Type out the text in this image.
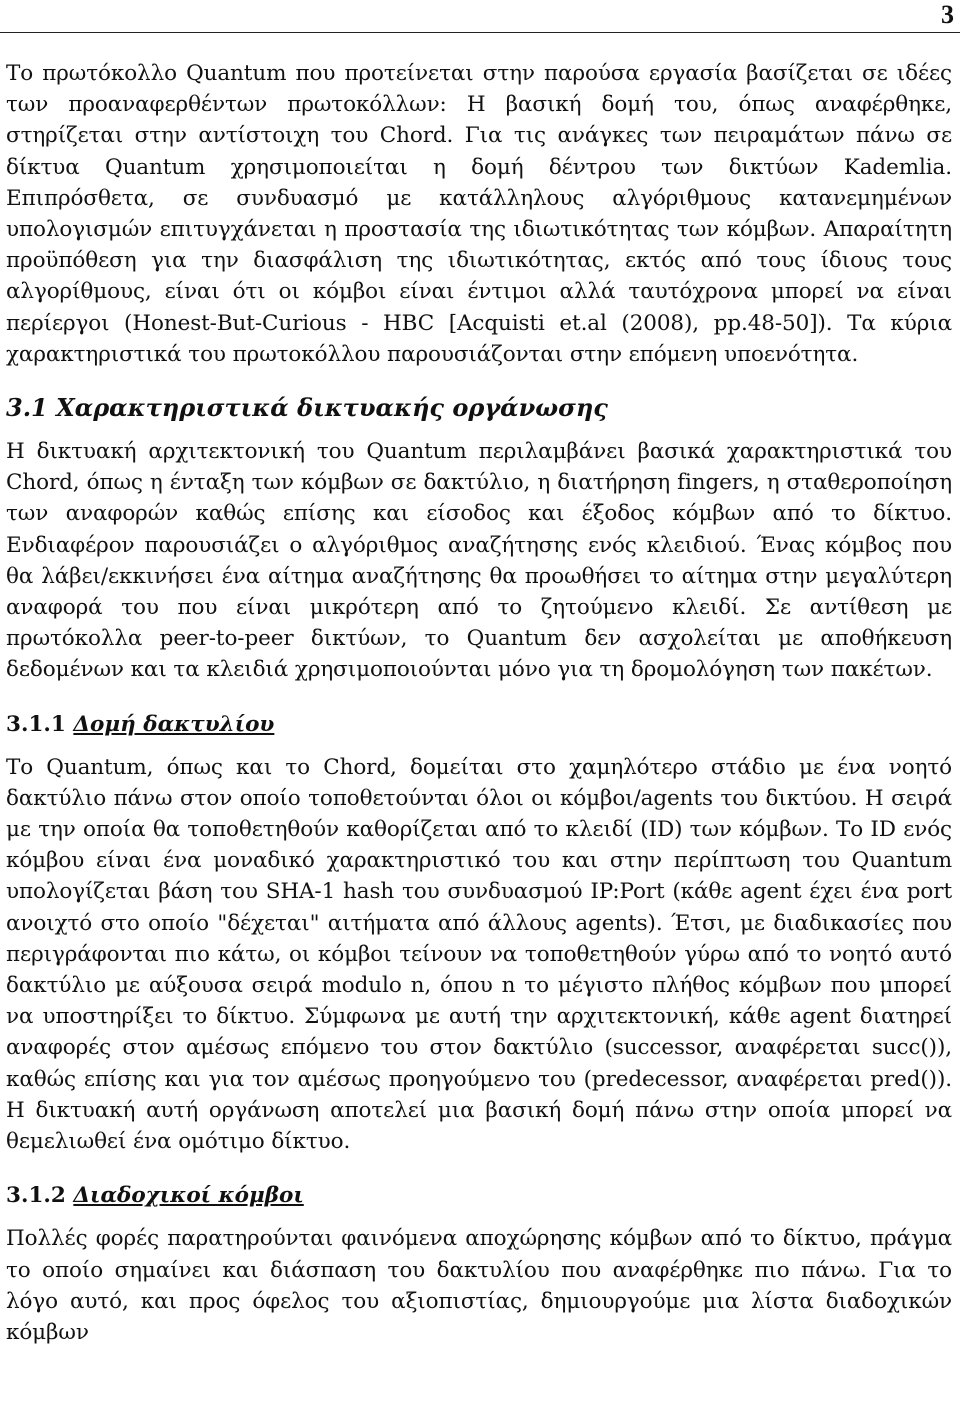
3

Το πρωτόκολλο Quantum που προτείνεται στην παρούσα εργασία βασίζεται σε ιδέες των προαναφερθέντων πρωτοκόλλων: Η βασική δομή του, όπως αναφέρθηκε, στηρίζεται στην αντίστοιχη του Chord. Για τις ανάγκες των πειραμάτων πάνω σε δίκτυα Quantum χρησιμοποιείται η δομή δέντρου των δικτύων Kademlia. Επιπρόσθετα, σε συνδυασμό με κατάλληλους αλγόριθμους κατανεμημένων υπολογισμών επιτυγχάνεται η προστασία της ιδιωτικότητας των κόμβων. Απαραίτητη προϋπόθεση για την διασφάλιση της ιδιωτικότητας, εκτός από τους ίδιους τους αλγορίθμους, είναι ότι οι κόμβοι είναι έντιμοι αλλά ταυτόχρονα μπορεί να είναι περίεργοι (Honest-But-Curious - HBC [Acquisti et.al (2008), pp.48-50]). Τα κύρια χαρακτηριστικά του πρωτοκόλλου παρουσιάζονται στην επόμενη υποενότητα.

3.1 Χαρακτηριστικά δικτυακής οργάνωσης

Η δικτυακή αρχιτεκτονική του Quantum περιλαμβάνει βασικά χαρακτηριστικά του Chord, όπως η ένταξη των κόμβων σε δακτύλιο, η διατήρηση fingers, η σταθεροποίηση των αναφορών καθώς επίσης και είσοδος και έξοδος κόμβων από το δίκτυο. Ενδιαφέρον παρουσιάζει ο αλγόριθμος αναζήτησης ενός κλειδιού. Ένας κόμβος που θα λάβει/εκκινήσει ένα αίτημα αναζήτησης θα προωθήσει το αίτημα στην μεγαλύτερη αναφορά του που είναι μικρότερη από το ζητούμενο κλειδί. Σε αντίθεση με πρωτόκολλα peer-to-peer δικτύων, το Quantum δεν ασχολείται με αποθήκευση δεδομένων και τα κλειδιά χρησιμοποιούνται μόνο για τη δρομολόγηση των πακέτων.

3.1.1 Δομή δακτυλίου

Το Quantum, όπως και το Chord, δομείται στο χαμηλότερο στάδιο με ένα νοητό δακτύλιο πάνω στον οποίο τοποθετούνται όλοι οι κόμβοι/agents του δικτύου. Η σειρά με την οποία θα τοποθετηθούν καθορίζεται από το κλειδί (ID) των κόμβων. Το ID ενός κόμβου είναι ένα μοναδικό χαρακτηριστικό του και στην περίπτωση του Quantum υπολογίζεται βάση του SHA-1 hash του συνδυασμού IP:Port (κάθε agent έχει ένα port ανοιχτό στο οποίο "δέχεται" αιτήματα από άλλους agents). Έτσι, με διαδικασίες που περιγράφονται πιο κάτω, οι κόμβοι τείνουν να τοποθετηθούν γύρω από το νοητό αυτό δακτύλιο με αύξουσα σειρά modulo n, όπου n το μέγιστο πλήθος κόμβων που μπορεί να υποστηρίξει το δίκτυο. Σύμφωνα με αυτή την αρχιτεκτονική, κάθε agent διατηρεί αναφορές στον αμέσως επόμενο του στον δακτύλιο (successor, αναφέρεται succ()), καθώς επίσης και για τον αμέσως προηγούμενο του (predecessor, αναφέρεται pred()). Η δικτυακή αυτή οργάνωση αποτελεί μια βασική δομή πάνω στην οποία μπορεί να θεμελιωθεί ένα ομότιμο δίκτυο.

3.1.2 Διαδοχικοί κόμβοι

Πολλές φορές παρατηρούνται φαινόμενα αποχώρησης κόμβων από το δίκτυο, πράγμα το οποίο σημαίνει και διάσπαση του δακτυλίου που αναφέρθηκε πιο πάνω. Για το λόγο αυτό, και προς όφελος του αξιοπιστίας, δημιουργούμε μια λίστα διαδοχικών κόμβων
